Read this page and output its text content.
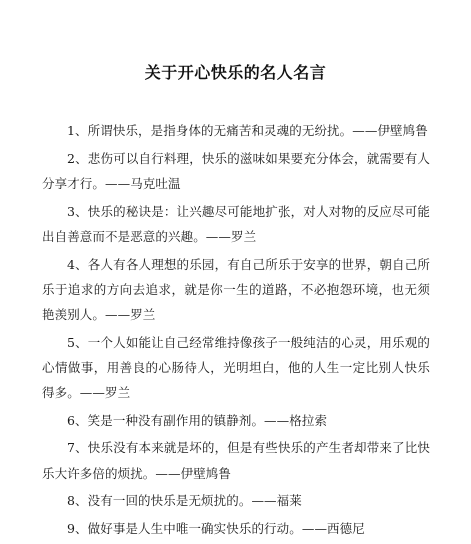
关于开心快乐的名人名言

1、所谓快乐，是指身体的无痛苦和灵魂的无纷扰。——伊壁鸠鲁

2、悲伤可以自行料理，快乐的滋味如果要充分体会，就需要有人分享才行。——马克吐温

3、快乐的秘诀是：让兴趣尽可能地扩张，对人对物的反应尽可能出自善意而不是恶意的兴趣。——罗兰

4、各人有各人理想的乐园，有自己所乐于安享的世界，朝自己所乐于追求的方向去追求，就是你一生的道路，不必抱怨环境，也无须艳羡别人。——罗兰

5、一个人如能让自己经常维持像孩子一般纯洁的心灵，用乐观的心情做事，用善良的心肠待人，光明坦白，他的人生一定比别人快乐得多。——罗兰

6、笑是一种没有副作用的镇静剂。——格拉索

7、快乐没有本来就是坏的，但是有些快乐的产生者却带来了比快乐大许多倍的烦扰。——伊壁鸠鲁

8、没有一回的快乐是无烦扰的。——福莱

9、做好事是人生中唯一确实快乐的行动。——西德尼
